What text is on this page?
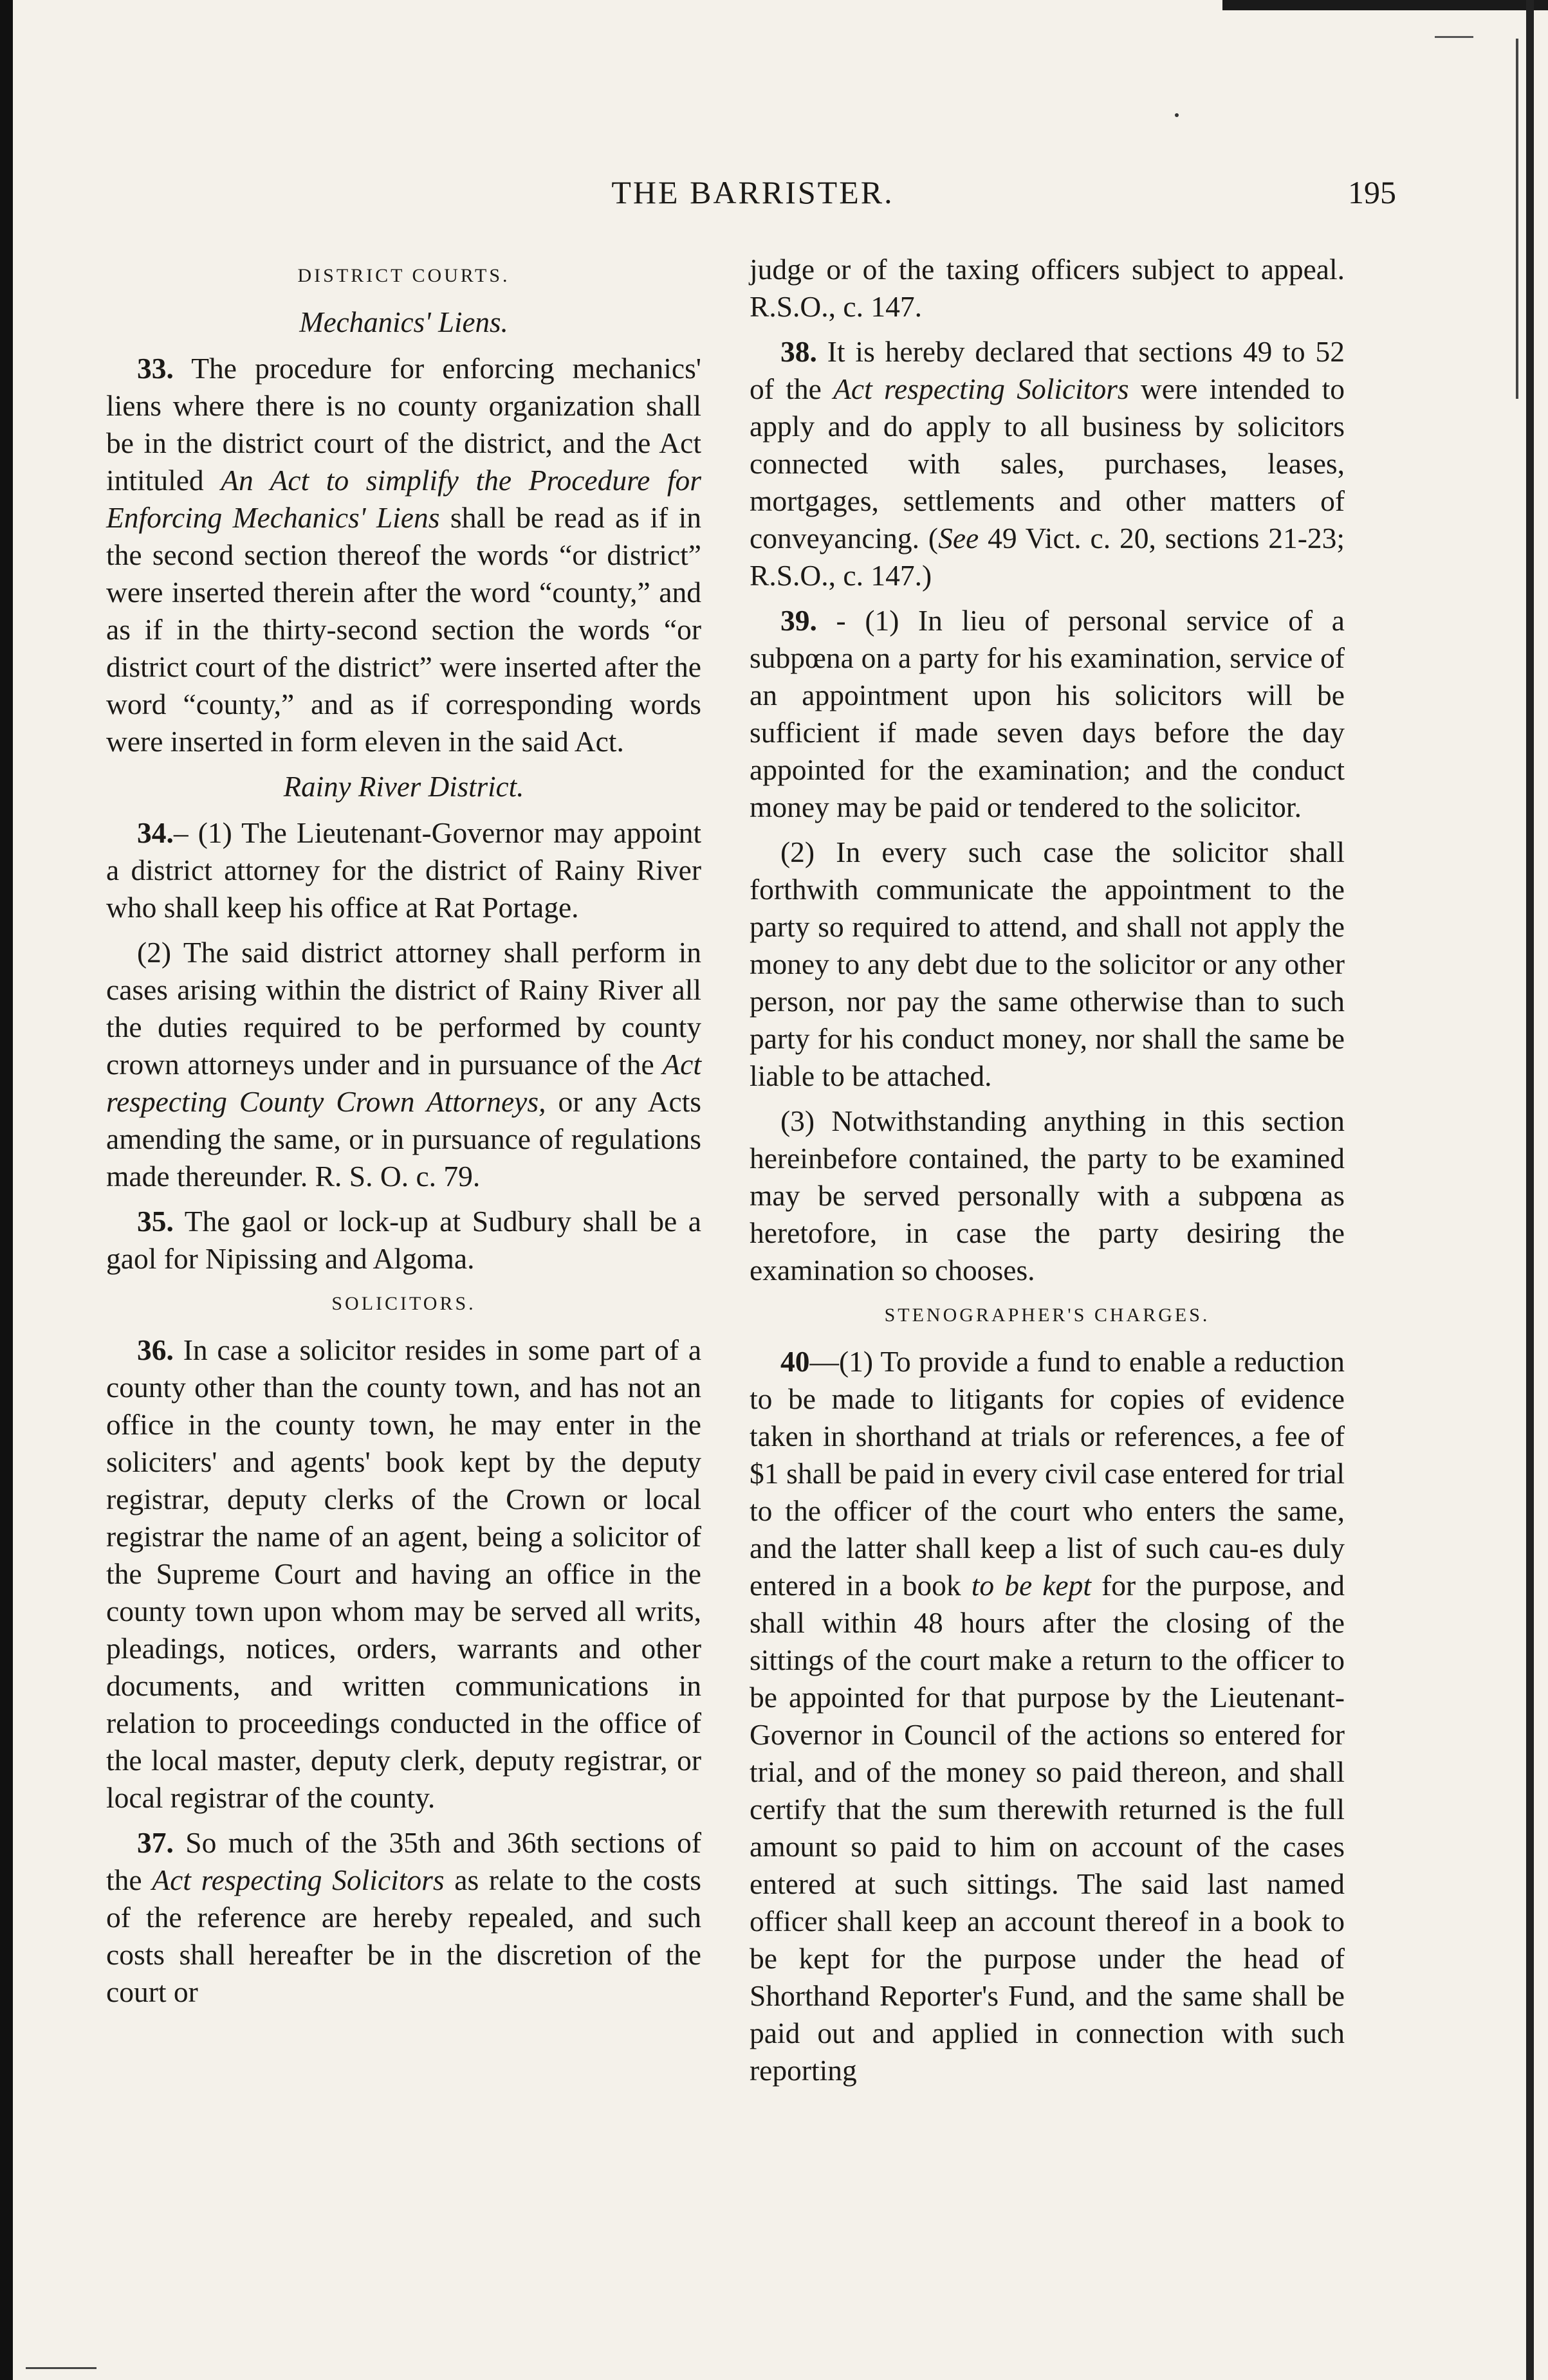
THE BARRISTER.	195
DISTRICT COURTS.
Mechanics' Liens.

33. The procedure for enforcing mechanics' liens where there is no county organization shall be in the district court of the district, and the Act intituled An Act to simplify the Procedure for Enforcing Mechanics' Liens shall be read as if in the second section thereof the words “or district” were inserted therein after the word “county,” and as if in the thirty-second section the words “or district court of the district” were inserted after the word “county,” and as if corresponding words were inserted in form eleven in the said Act.

Rainy River District.

34.– (1) The Lieutenant-Governor may appoint a district attorney for the district of Rainy River who shall keep his office at Rat Portage.

(2) The said district attorney shall perform in cases arising within the district of Rainy River all the duties required to be performed by county crown attorneys under and in pursuance of the Act respecting County Crown Attorneys, or any Acts amending the same, or in pursuance of regulations made thereunder. R. S. O. c. 79.

35. The gaol or lock-up at Sudbury shall be a gaol for Nipissing and Algoma.

SOLICITORS.

36. In case a solicitor resides in some part of a county other than the county town, and has not an office in the county town, he may enter in the soliciters' and agents' book kept by the deputy registrar, deputy clerks of the Crown or local registrar the name of an agent, being a solicitor of the Supreme Court and having an office in the county town upon whom may be served all writs, pleadings, notices, orders, warrants and other documents, and written communications in relation to proceedings conducted in the office of the local master, deputy clerk, deputy registrar, or local registrar of the county.

37. So much of the 35th and 36th sections of the Act respecting Solicitors as relate to the costs of the reference are hereby repealed, and such costs shall hereafter be in the discretion of the court or

judge or of the taxing officers subject to appeal. R.S.O., c. 147.

38. It is hereby declared that sections 49 to 52 of the Act respecting Solicitors were intended to apply and do apply to all business by solicitors connected with sales, purchases, leases, mortgages, settlements and other matters of conveyancing. (See 49 Vict. c. 20, sections 21-23; R.S.O., c. 147.)

39. - (1) In lieu of personal service of a subpœna on a party for his examination, service of an appointment upon his solicitors will be sufficient if made seven days before the day appointed for the examination; and the conduct money may be paid or tendered to the solicitor.

(2) In every such case the solicitor shall forthwith communicate the appointment to the party so required to attend, and shall not apply the money to any debt due to the solicitor or any other person, nor pay the same otherwise than to such party for his conduct money, nor shall the same be liable to be attached.

(3) Notwithstanding anything in this section hereinbefore contained, the party to be examined may be served personally with a subpœna as heretofore, in case the party desiring the examination so chooses.

STENOGRAPHER'S CHARGES.

40—(1) To provide a fund to enable a reduction to be made to litigants for copies of evidence taken in shorthand at trials or references, a fee of $1 shall be paid in every civil case entered for trial to the officer of the court who enters the same, and the latter shall keep a list of such cau-es duly entered in a book to be kept for the purpose, and shall within 48 hours after the closing of the sittings of the court make a return to the officer to be appointed for that purpose by the Lieutenant-Governor in Council of the actions so entered for trial, and of the money so paid thereon, and shall certify that the sum therewith returned is the full amount so paid to him on account of the cases entered at such sittings. The said last named officer shall keep an account thereof in a book to be kept for the purpose under the head of Shorthand Reporter's Fund, and the same shall be paid out and applied in connection with such reporting
